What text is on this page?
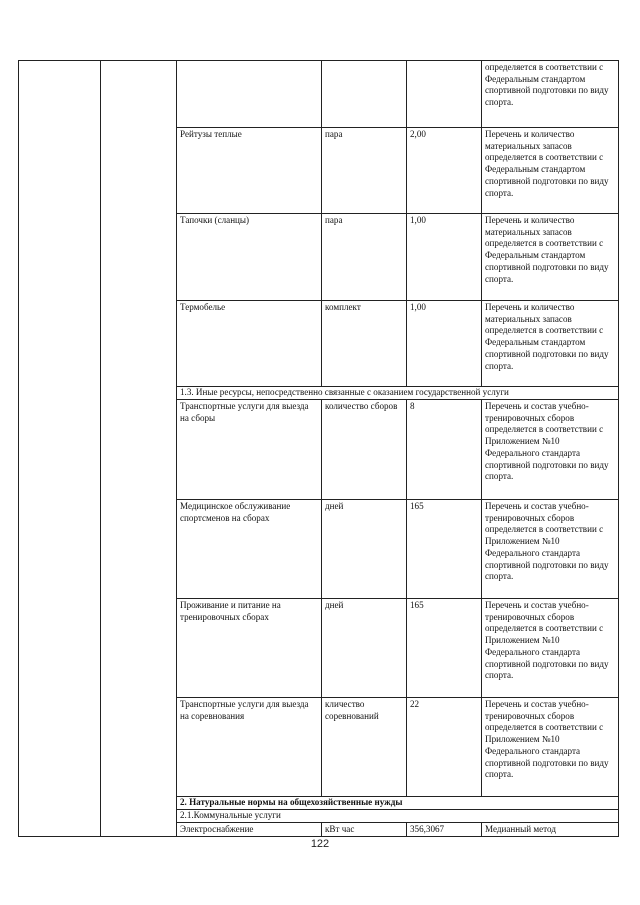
					определяется в соответствии с Федеральным стандартом спортивной подготовки по виду спорта.
		Рейтузы теплые	пара	2,00	Перечень и количество материальных запасов определяется в соответствии с Федеральным стандартом спортивной подготовки по виду спорта.
		Тапочки (сланцы)	пара	1,00	Перечень и количество материальных запасов определяется в соответствии с Федеральным стандартом спортивной подготовки по виду спорта.
		Термобелье	комплект	1,00	Перечень и количество материальных запасов определяется в соответствии с Федеральным стандартом спортивной подготовки по виду спорта.
		1.3. Иные ресурсы, непосредственно связанные с оказанием государственной услуги			
		Транспортные услуги для выезда на сборы	количество сборов	8	Перечень и состав учебно-тренировочных сборов определяется в соответствии с Приложением №10 Федерального стандарта спортивной подготовки по виду спорта.
		Медицинское обслуживание спортсменов на сборах	дней	165	Перечень и состав учебно-тренировочных сборов определяется в соответствии с Приложением №10 Федерального стандарта спортивной подготовки по виду спорта.
		Проживание и питание на тренировочных сборах	дней	165	Перечень и состав учебно-тренировочных сборов определяется в соответствии с Приложением №10 Федерального стандарта спортивной подготовки по виду спорта.
		Транспортные услуги для выезда на соревнования	кличество соревнований	22	Перечень и состав учебно-тренировочных сборов определяется в соответствии с Приложением №10 Федерального стандарта спортивной подготовки по виду спорта.
		2. Натуральные нормы на общехозяйственные нужды			
		2.1.Коммунальные услуги			
		Электроснабжение	кВт час	356,3067	Медианный метод
122
